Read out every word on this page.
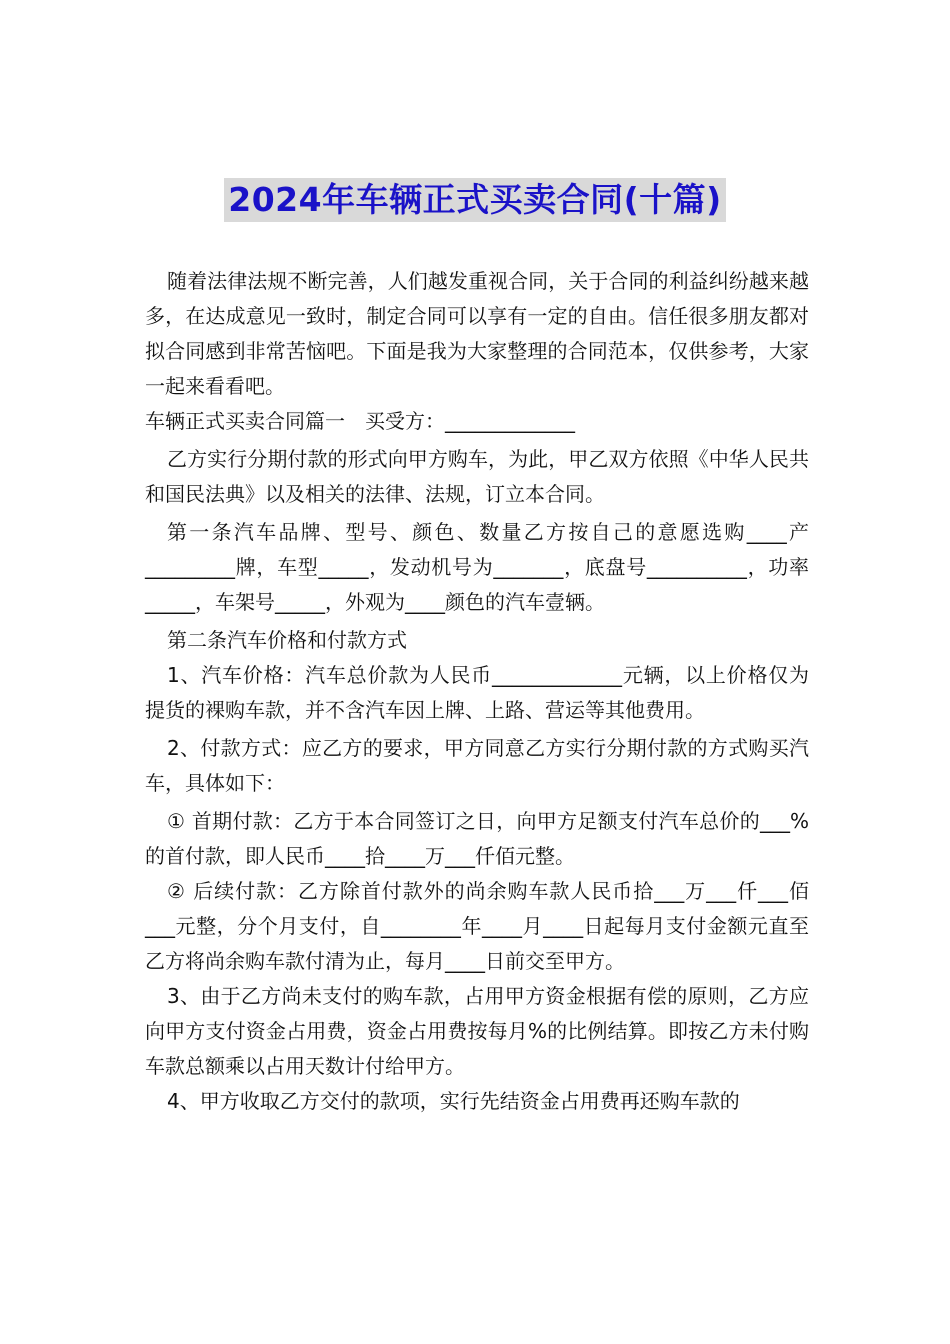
2024年车辆正式买卖合同(十篇)

随着法律法规不断完善，人们越发重视合同，关于合同的利益纠纷越来越多，在达成意见一致时，制定合同可以享有一定的自由。信任很多朋友都对拟合同感到非常苦恼吧。下面是我为大家整理的合同范本，仅供参考，大家一起来看看吧。

车辆正式买卖合同篇一　买受方：_____________

乙方实行分期付款的形式向甲方购车，为此，甲乙双方依照《中华人民共和国民法典》以及相关的法律、法规，订立本合同。

第一条汽车品牌、型号、颜色、数量乙方按自己的意愿选购____产_________牌，车型_____，发动机号为_______，底盘号__________，功率_____，车架号_____，外观为____颜色的汽车壹辆。

第二条汽车价格和付款方式

1、汽车价格：汽车总价款为人民币_____________元辆，以上价格仅为提货的裸购车款，并不含汽车因上牌、上路、营运等其他费用。

2、付款方式：应乙方的要求，甲方同意乙方实行分期付款的方式购买汽车，具体如下：

① 首期付款：乙方于本合同签订之日，向甲方足额支付汽车总价的___%的首付款，即人民币____拾____万___仟佰元整。

② 后续付款：乙方除首付款外的尚余购车款人民币拾___万___仟___佰___元整，分个月支付，自________年____月____日起每月支付金额元直至乙方将尚余购车款付清为止，每月____日前交至甲方。

3、由于乙方尚未支付的购车款，占用甲方资金根据有偿的原则，乙方应向甲方支付资金占用费，资金占用费按每月%的比例结算。即按乙方未付购车款总额乘以占用天数计付给甲方。

4、甲方收取乙方交付的款项，实行先结资金占用费再还购车款的
